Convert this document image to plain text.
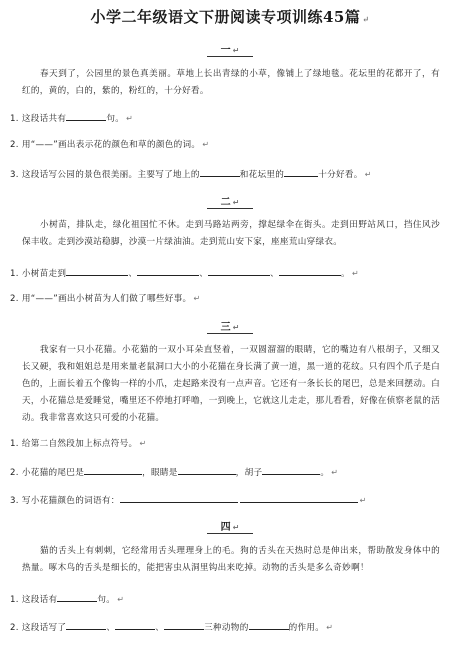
小学二年级语文下册阅读专项训练45篇 ↵
一 ↵
春天到了，公园里的景色真美丽。草地上长出青绿的小草，像铺上了绿地毯。花坛里的花都开了，有红的，黄的，白的，紫的，粉红的，十分好看。
1. 这段话共有	句。 ↵
2. 用“——”画出表示花的颜色和草的颜色的词。 ↵
3. 这段话写公园的景色很美丽。主要写了地上的	和花坛里的	十分好看。 ↵
二 ↵
小树苗，排队走，绿化祖国忙不休。走到马路站两旁，撑起绿伞在街头。走到田野站风口，挡住风沙保丰收。走到沙漠站稳脚，沙漠一片绿油油。走到荒山安下家，座座荒山穿绿衣。
1. 小树苗走到	、	、	、	。 ↵
2. 用“——”画出小树苗为人们做了哪些好事。 ↵
三 ↵
我家有一只小花猫。小花猫的一双小耳朵直竖着，一双圆溜溜的眼睛，它的嘴边有八根胡子，又细又长又硬，我和姐姐总是用来量老鼠洞口大小的小花猫在身长满了黄一道，黑一道的花纹。只有四个爪子是白色的，上面长着五个像钩一样的小爪，走起路来没有一点声音。它还有一条长长的尾巴，总是来回摆动。白天，小花猫总是爱睡觉，嘴里还不停地打呼噜，一到晚上，它就这儿走走，那儿看看，好像在侦察老鼠的活动。我非常喜欢这只可爱的小花猫。
1. 给第二自然段加上标点符号。 ↵
2. 小花猫的尾巴是	，眼睛是	，胡子	。 ↵
3. 写小花猫颜色的词语有：	↵
四 ↵
猫的舌头上有刺刺，它经常用舌头理理身上的毛。狗的舌头在天热时总是伸出来，帮助散发身体中的热量。啄木鸟的舌头是细长的，能把害虫从洞里钩出来吃掉。动物的舌头是多么奇妙啊！
1. 这段话有	句。 ↵
2. 这段话写了	、	、	三种动物的	的作用。 ↵
